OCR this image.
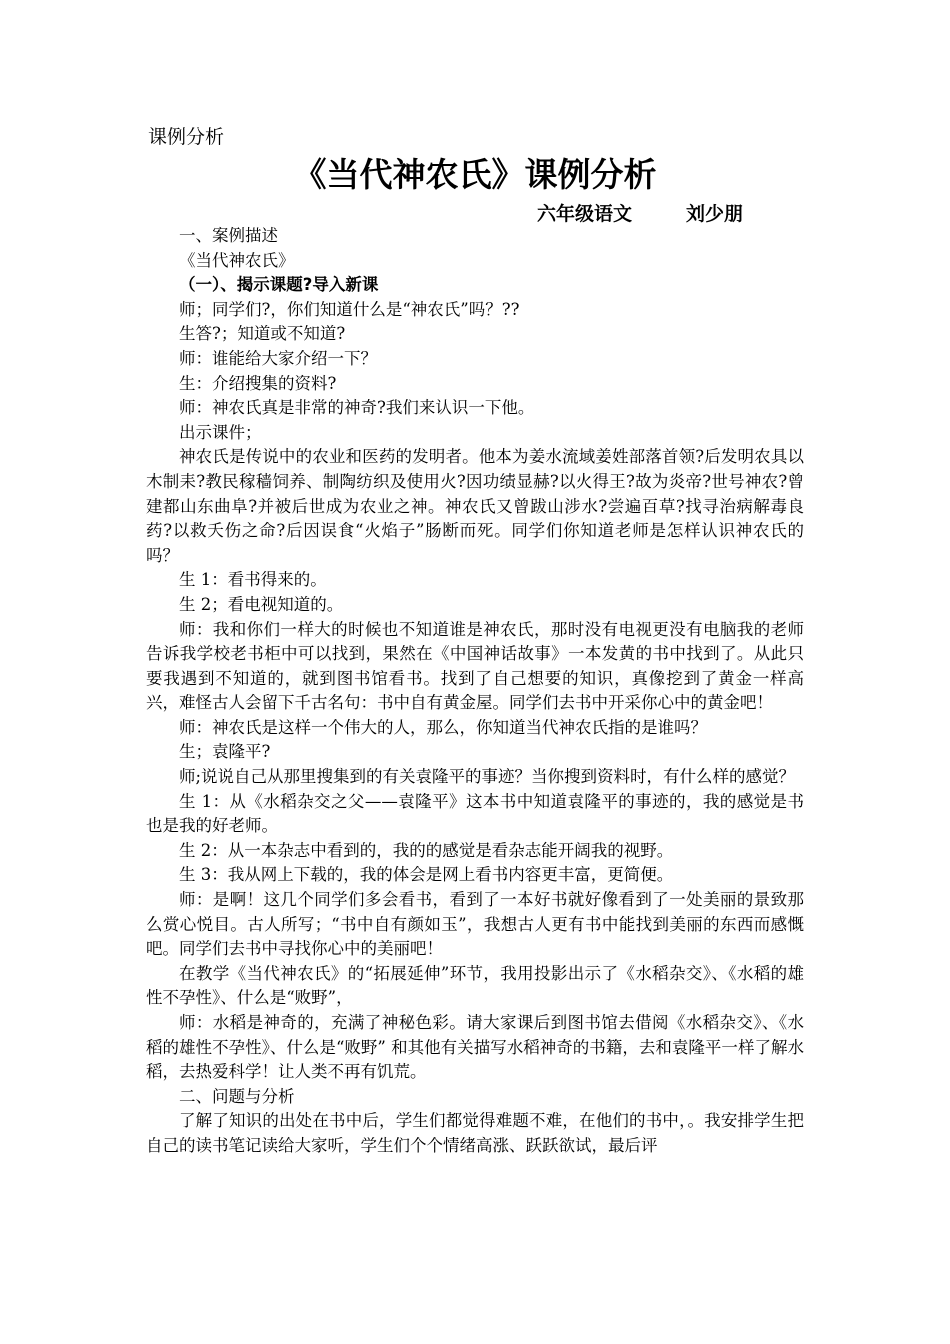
课例分析
《当代神农氏》课例分析
六年级语文	刘少朋

一、案例描述

《当代神农氏》

（一）、揭示课题?导入新课

师；同学们?，你们知道什么是“神农氏”吗？??

生答?；知道或不知道?

师：谁能给大家介绍一下？

生：介绍搜集的资料?

师：神农氏真是非常的神奇?我们来认识一下他。

出示课件；

神农氏是传说中的农业和医药的发明者。他本为姜水流域姜姓部落首领?后发明农具以木制耒?教民稼穑饲养、制陶纺织及使用火?因功绩显赫?以火得王?故为炎帝?世号神农?曾建都山东曲阜?并被后世成为农业之神。神农氏又曾跋山涉水?尝遍百草?找寻治病解毒良药?以救夭伤之命?后因误食“火焰子”肠断而死。同学们你知道老师是怎样认识神农氏的吗？

生 1：看书得来的。

生 2；看电视知道的。

师：我和你们一样大的时候也不知道谁是神农氏，那时没有电视更没有电脑我的老师告诉我学校老书柜中可以找到，果然在《中国神话故事》一本发黄的书中找到了。从此只要我遇到不知道的，就到图书馆看书。找到了自己想要的知识，真像挖到了黄金一样高兴，难怪古人会留下千古名句：书中自有黄金屋。同学们去书中开采你心中的黄金吧！

师：神农氏是这样一个伟大的人，那么，你知道当代神农氏指的是谁吗？

生；袁隆平?

师;说说自己从那里搜集到的有关袁隆平的事迹？当你搜到资料时，有什么样的感觉？

生 1：从《水稻杂交之父——袁隆平》这本书中知道袁隆平的事迹的，我的感觉是书也是我的好老师。

生 2：从一本杂志中看到的，我的的感觉是看杂志能开阔我的视野。

生 3：我从网上下载的，我的体会是网上看书内容更丰富，更简便。

师：是啊！这几个同学们多会看书，看到了一本好书就好像看到了一处美丽的景致那么赏心悦目。古人所写；“书中自有颜如玉”，我想古人更有书中能找到美丽的东西而感慨吧。同学们去书中寻找你心中的美丽吧！

在教学《当代神农氏》的“拓展延伸”环节，我用投影出示了《水稻杂交》、《水稻的雄性不孕性》、什么是“败野”，

师：水稻是神奇的，充满了神秘色彩。请大家课后到图书馆去借阅《水稻杂交》、《水稻的雄性不孕性》、什么是“败野” 和其他有关描写水稻神奇的书籍，去和袁隆平一样了解水稻，去热爱科学！让人类不再有饥荒。

二、问题与分析

了解了知识的出处在书中后，学生们都觉得难题不难，在他们的书中，。我安排学生把自己的读书笔记读给大家听，学生们个个情绪高涨、跃跃欲试，最后评
